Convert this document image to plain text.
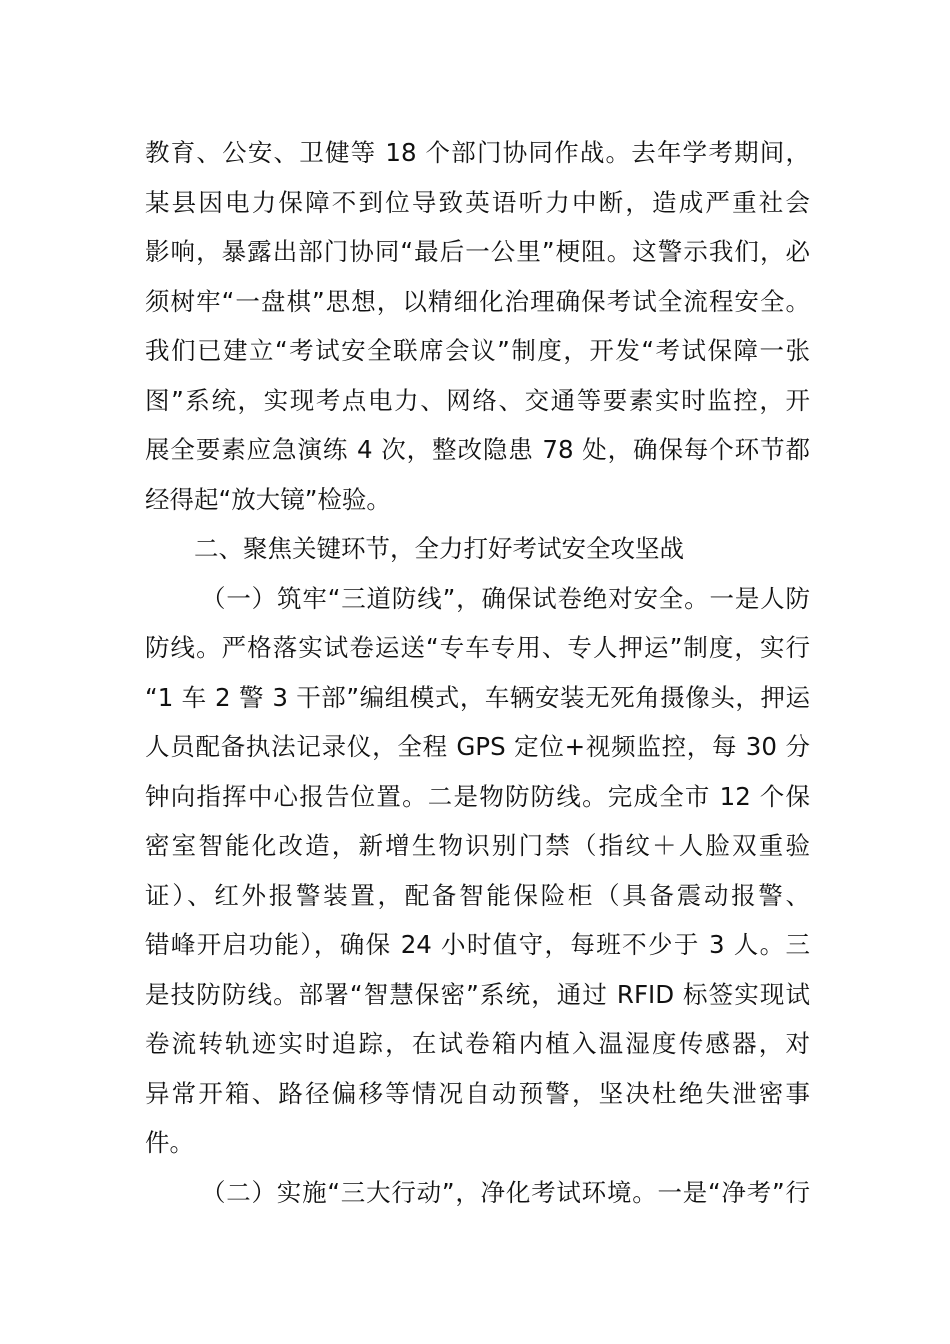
教育、公安、卫健等 18 个部门协同作战。去年学考期间，
某县因电力保障不到位导致英语听力中断，造成严重社会
影响，暴露出部门协同“最后一公里”梗阻。这警示我们，必
须树牢“一盘棋”思想，以精细化治理确保考试全流程安全。
我们已建立“考试安全联席会议”制度，开发“考试保障一张
图”系统，实现考点电力、网络、交通等要素实时监控，开
展全要素应急演练 4 次，整改隐患 78 处，确保每个环节都
经得起“放大镜”检验。
二、聚焦关键环节，全力打好考试安全攻坚战
（一）筑牢“三道防线”，确保试卷绝对安全。一是人防
防线。严格落实试卷运送“专车专用、专人押运”制度，实行
“1 车 2 警 3 干部”编组模式，车辆安装无死角摄像头，押运
人员配备执法记录仪，全程 GPS 定位+视频监控，每 30 分
钟向指挥中心报告位置。二是物防防线。完成全市 12 个保
密室智能化改造，新增生物识别门禁（指纹＋人脸双重验
证）、红外报警装置，配备智能保险柜（具备震动报警、
错峰开启功能），确保 24 小时值守，每班不少于 3 人。三
是技防防线。部署“智慧保密”系统，通过 RFID 标签实现试
卷流转轨迹实时追踪，在试卷箱内植入温湿度传感器，对
异常开箱、路径偏移等情况自动预警，坚决杜绝失泄密事
件。
（二）实施“三大行动”，净化考试环境。一是“净考”行
